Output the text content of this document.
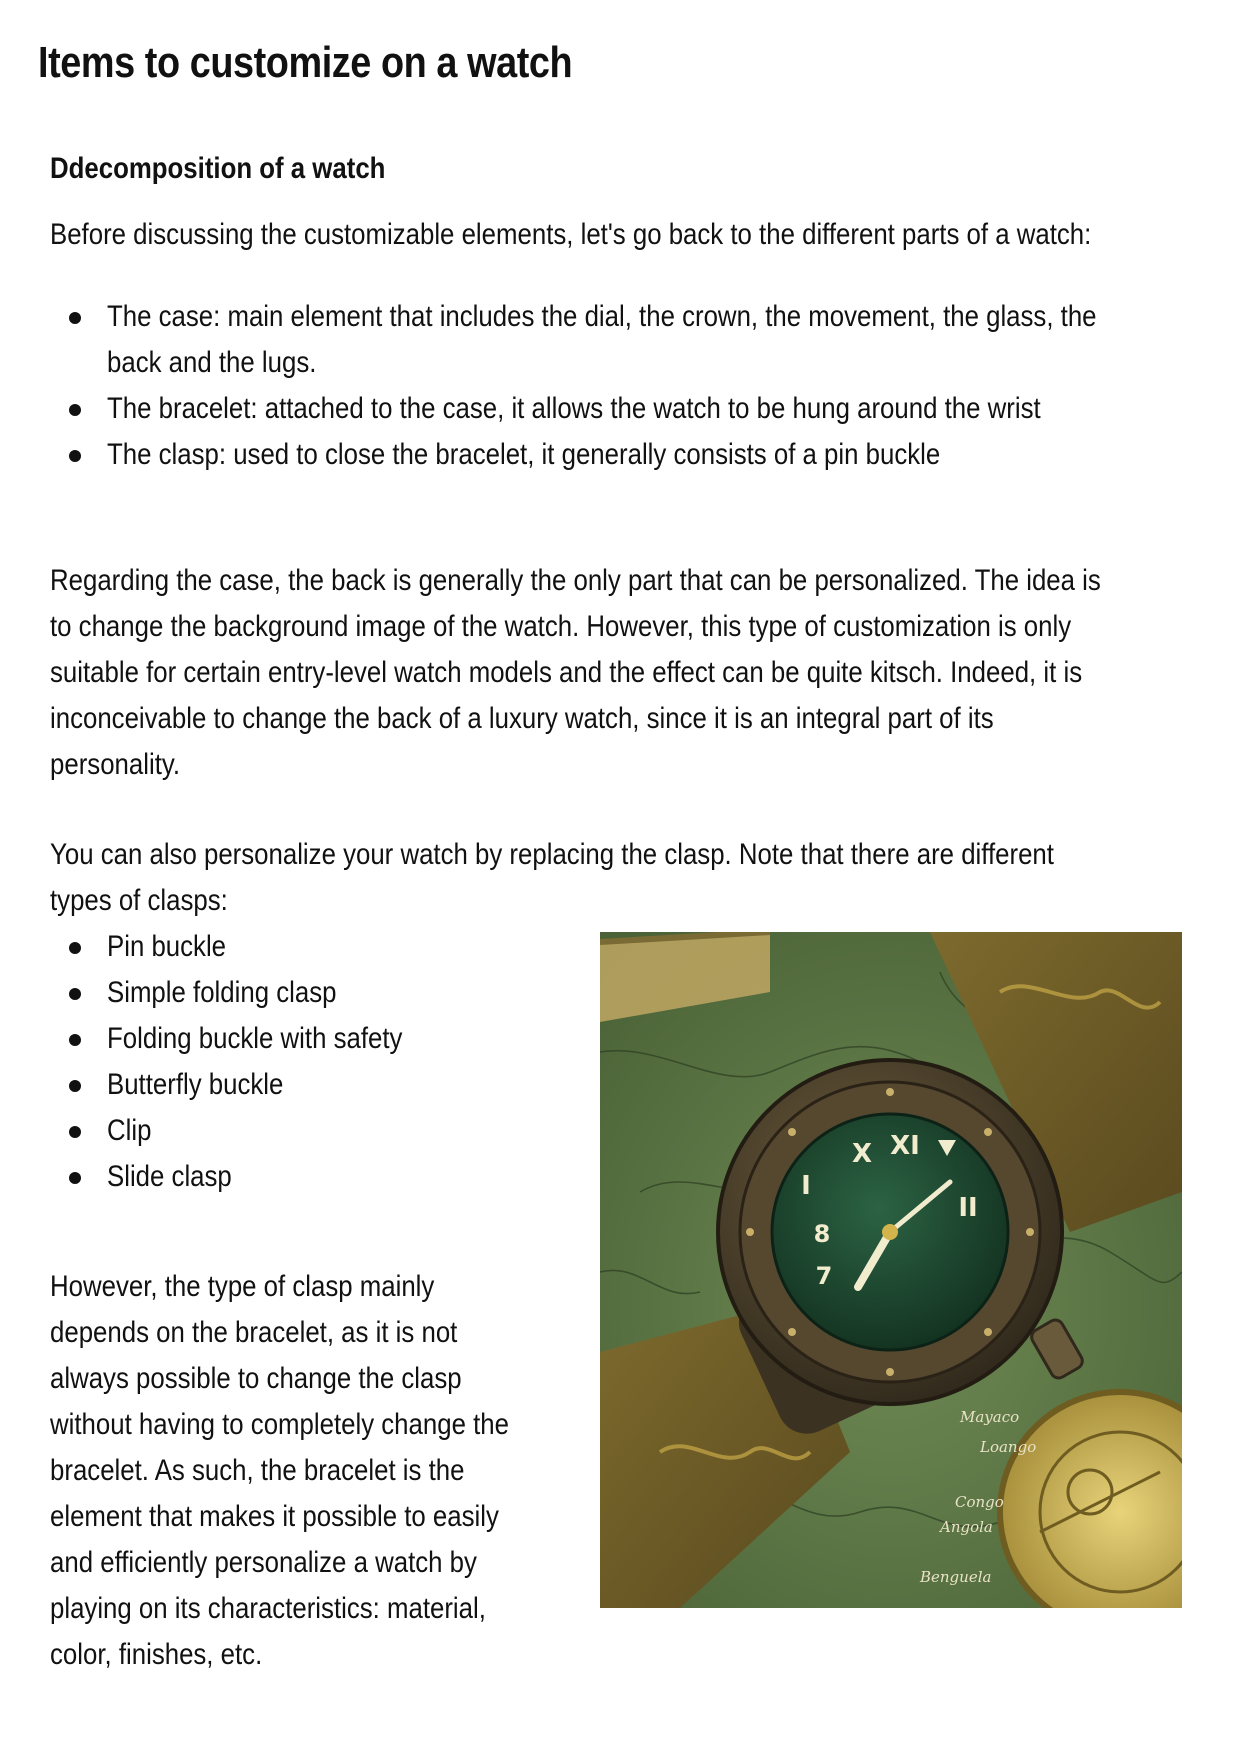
Items to customize on a watch
Ddecomposition of a watch

Before discussing the customizable elements, let's go back to the different parts of a watch:

The case: main element that includes the dial, the crown, the movement, the glass, the
back and the lugs.
The bracelet: attached to the case, it allows the watch to be hung around the wrist
The clasp: used to close the bracelet, it generally consists of a pin buckle

Regarding the case, the back is generally the only part that can be personalized. The idea is
to change the background image of the watch. However, this type of customization is only
suitable for certain entry-level watch models and the effect can be quite kitsch. Indeed, it is
inconceivable to change the back of a luxury watch, since it is an integral part of its
personality.

You can also personalize your watch by replacing the clasp. Note that there are different
types of clasps:

Pin buckle
Simple folding clasp
Folding buckle with safety
Butterfly buckle
Clip
Slide clasp

However, the type of clasp mainly
depends on the bracelet, as it is not
always possible to change the clasp
without having to completely change the
bracelet. As such, the bracelet is the
element that makes it possible to easily
and efficiently personalize a watch by
playing on its characteristics: material,
color, finishes, etc.

XI
X
I
II
8
7
Mayaco
Loango
Congo
Angola
Benguela
